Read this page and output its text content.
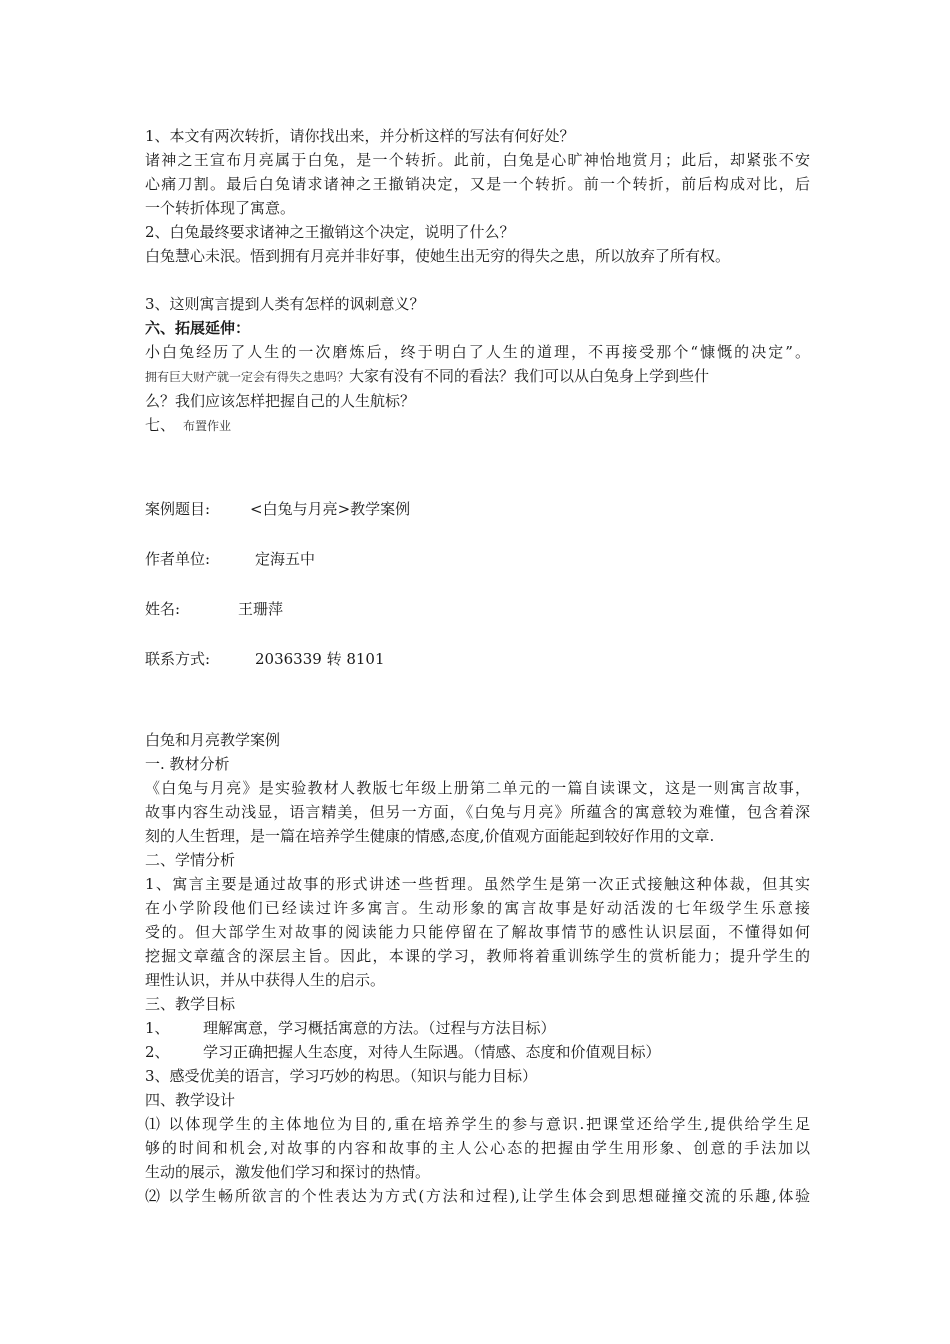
1、本文有两次转折，请你找出来，并分析这样的写法有何好处？
诸神之王宣布月亮属于白兔，是一个转折。此前，白兔是心旷神怡地赏月；此后，却紧张不安
心痛刀割。最后白兔请求诸神之王撤销决定，又是一个转折。前一个转折，前后构成对比，后
一个转折体现了寓意。
2、白兔最终要求诸神之王撤销这个决定，说明了什么？
白兔慧心未泯。悟到拥有月亮并非好事，使她生出无穷的得失之患，所以放弃了所有权。
3、这则寓言提到人类有怎样的讽刺意义？
六、拓展延伸：
小白兔经历了人生的一次磨炼后，终于明白了人生的道理，不再接受那个“慷慨的决定”。
拥有巨大财产就一定会有得失之患吗？大家有没有不同的看法？我们可以从白兔身上学到些什
么？我们应该怎样把握自己的人生航标？
七、 布置作业
案例题目:	<白兔与月亮>教学案例
作者单位:	定海五中
姓名:	王珊萍
联系方式:	2036339 转 8101
白兔和月亮教学案例
一. 教材分析
《白兔与月亮》是实验教材人教版七年级上册第二单元的一篇自读课文，这是一则寓言故事，
故事内容生动浅显，语言精美，但另一方面，《白兔与月亮》所蕴含的寓意较为难懂，包含着深
刻的人生哲理，是一篇在培养学生健康的情感,态度,价值观方面能起到较好作用的文章.
二、学情分析
1、寓言主要是通过故事的形式讲述一些哲理。虽然学生是第一次正式接触这种体裁，但其实
在小学阶段他们已经读过许多寓言。生动形象的寓言故事是好动活泼的七年级学生乐意接
受的。但大部学生对故事的阅读能力只能停留在了解故事情节的感性认识层面，不懂得如何
挖掘文章蕴含的深层主旨。因此，本课的学习，教师将着重训练学生的赏析能力；提升学生的
理性认识，并从中获得人生的启示。
三、教学目标
1、 理解寓意，学习概括寓意的方法。（过程与方法目标）
2、 学习正确把握人生态度，对待人生际遇。（情感、态度和价值观目标）
3、感受优美的语言，学习巧妙的构思。（知识与能力目标）
四、教学设计
⑴ 以体现学生的主体地位为目的,重在培养学生的参与意识.把课堂还给学生,提供给学生足
够的时间和机会,对故事的内容和故事的主人公心态的把握由学生用形象、创意的手法加以
生动的展示，激发他们学习和探讨的热情。
⑵ 以学生畅所欲言的个性表达为方式(方法和过程),让学生体会到思想碰撞交流的乐趣,体验
